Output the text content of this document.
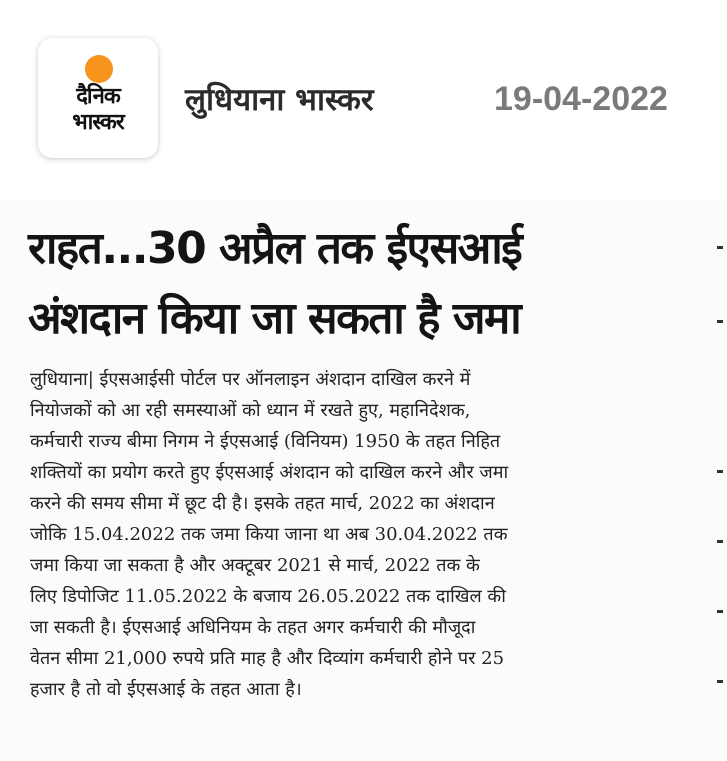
दैनिक
भास्कर
लुधियाना भास्कर	19-04-2022
राहत...30 अप्रैल तक ईएसआई
अंशदान किया जा सकता है जमा
लुधियाना| ईएसआईसी पोर्टल पर ऑनलाइन अंशदान दाखिल करने में
नियोजकों को आ रही समस्याओं को ध्यान में रखते हुए, महानिदेशक,
कर्मचारी राज्य बीमा निगम ने ईएसआई (विनियम) 1950 के तहत निहित
शक्तियों का प्रयोग करते हुए ईएसआई अंशदान को दाखिल करने और जमा
करने की समय सीमा में छूट दी है। इसके तहत मार्च, 2022 का अंशदान
जोकि 15.04.2022 तक जमा किया जाना था अब 30.04.2022 तक
जमा किया जा सकता है और अक्टूबर 2021 से मार्च, 2022 तक के
लिए डिपोजिट 11.05.2022 के बजाय 26.05.2022 तक दाखिल की
जा सकती है। ईएसआई अधिनियम के तहत अगर कर्मचारी की मौजूदा
वेतन सीमा 21,000 रुपये प्रति माह है और दिव्यांग कर्मचारी होने पर 25
हजार है तो वो ईएसआई के तहत आता है।
